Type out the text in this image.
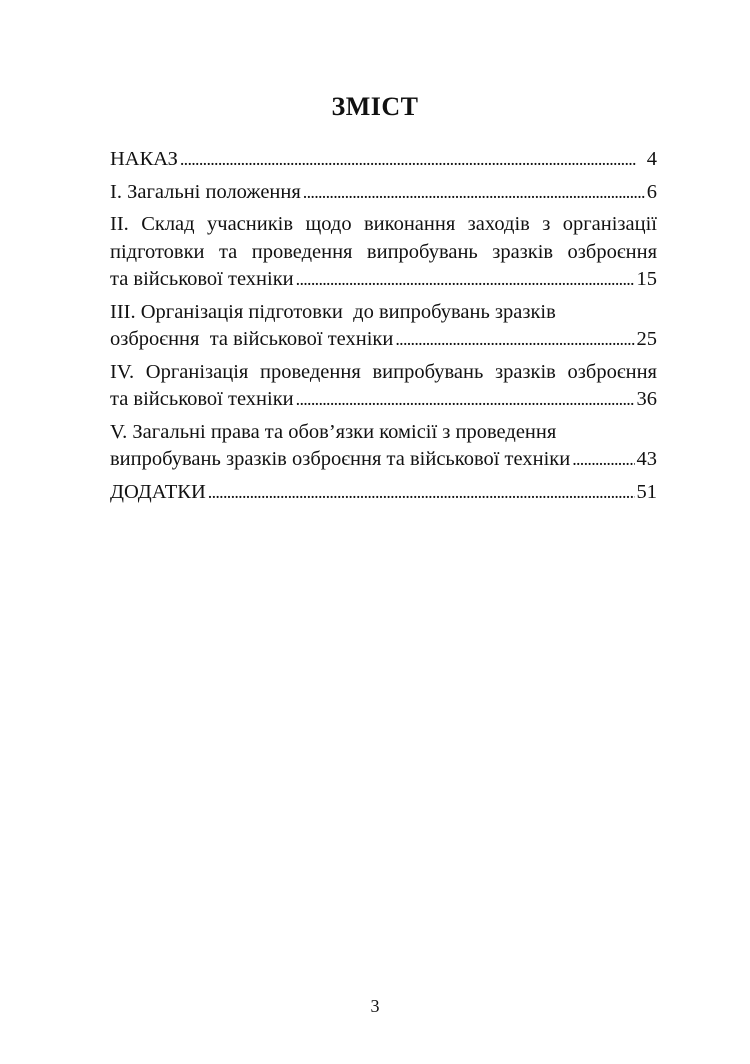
ЗМІСТ
НАКАЗ . . .	4
І. Загальні положення . . .	6
ІІ. Склад учасників щодо виконання заходів з організації
підготовки та проведення випробувань зразків озброєння
та військової техніки . . .	15
ІІІ. Організація підготовки  до випробувань зразків
озброєння  та військової техніки . . .	25
IV. Організація проведення випробувань зразків озброєння
та військової техніки . . .	36
V. Загальні права та обов’язки комісії з проведення
випробувань зразків озброєння та військової техніки . . .	43
ДОДАТКИ . . .	51
3
